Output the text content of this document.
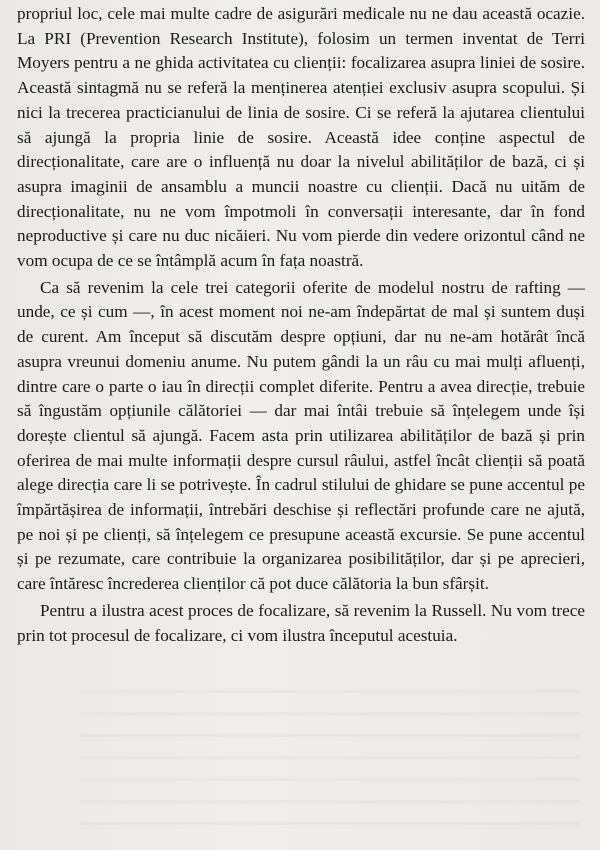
propriul loc, cele mai multe cadre de asigurări medicale nu ne dau această ocazie. La PRI (Prevention Research Institute), folosim un termen inventat de Terri Moyers pentru a ne ghida activitatea cu clienții: focalizarea asupra liniei de sosire. Această sintagmă nu se referă la menținerea atenției exclusiv asupra scopului. Și nici la trecerea practicianului de linia de sosire. Ci se referă la ajutarea clientului să ajungă la propria linie de sosire. Această idee conține aspectul de direcționalitate, care are o influență nu doar la nivelul abilităților de bază, ci și asupra imaginii de ansamblu a muncii noastre cu clienții. Dacă nu uităm de direcționalitate, nu ne vom împotmoli în conversații interesante, dar în fond neproductive și care nu duc nicăieri. Nu vom pierde din vedere orizontul când ne vom ocupa de ce se întâmplă acum în fața noastră.

Ca să revenim la cele trei categorii oferite de modelul nostru de rafting — unde, ce și cum —, în acest moment noi ne-am îndepărtat de mal și suntem duși de curent. Am început să discutăm despre opțiuni, dar nu ne-am hotărât încă asupra vreunui domeniu anume. Nu putem gândi la un râu cu mai mulți afluenți, dintre care o parte o iau în direcții complet diferite. Pentru a avea direcție, trebuie să îngustăm opțiunile călătoriei — dar mai întâi trebuie să înțelegem unde își dorește clientul să ajungă. Facem asta prin utilizarea abilităților de bază și prin oferirea de mai multe informații despre cursul râului, astfel încât clienții să poată alege direcția care li se potrivește. În cadrul stilului de ghidare se pune accentul pe împărtășirea de informații, întrebări deschise și reflectări profunde care ne ajută, pe noi și pe clienți, să înțelegem ce presupune această excursie. Se pune accentul și pe rezumate, care contribuie la organizarea posibilităților, dar și pe aprecieri, care întăresc încrederea clienților că pot duce călătoria la bun sfârșit.

Pentru a ilustra acest proces de focalizare, să revenim la Russell. Nu vom trece prin tot procesul de focalizare, ci vom ilustra începutul acestuia.
